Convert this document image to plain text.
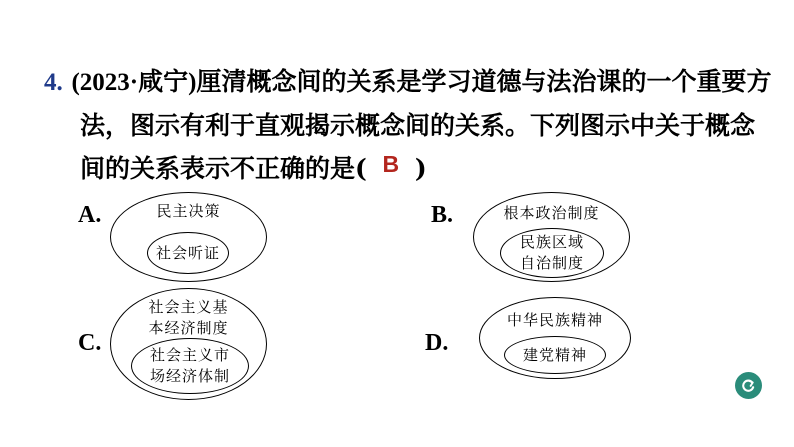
4. (2023·咸宁)厘清概念间的关系是学习道德与法治课的一个重要方
法，图示有利于直观揭示概念间的关系。下列图示中关于概念
间的关系表示不正确的是( B )
A.	民主决策
社会听证
B.	根本政治制度
民族区域
自治制度
C.
社会主义基
本经济制度
社会主义市
场经济体制
D.
中华民族精神
建党精神
